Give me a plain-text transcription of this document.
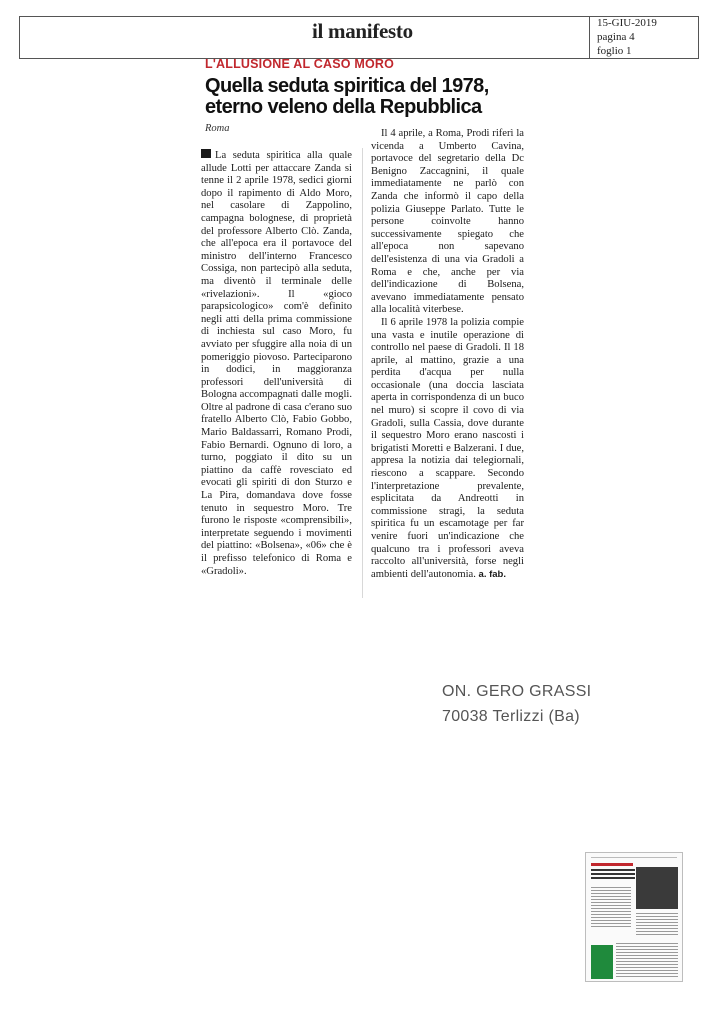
il manifesto	15-GIU-2019
pagina 4
foglio 1
L'ALLUSIONE AL CASO MORO
Quella seduta spiritica del 1978,
eterno veleno della Repubblica
Roma

La seduta spiritica alla quale allude Lotti per attaccare Zanda si tenne il 2 aprile 1978, sedici giorni dopo il rapimento di Aldo Moro, nel casolare di Zappolino, campagna bolognese, di proprietà del professore Alberto Clò. Zanda, che all'epoca era il portavoce del ministro dell'interno Francesco Cossiga, non partecipò alla seduta, ma diventò il terminale delle «rivelazioni». Il «gioco parapsicologico» com'è definito negli atti della prima commissione di inchiesta sul caso Moro, fu avviato per sfuggire alla noia di un pomeriggio piovoso. Parteciparono in dodici, in maggioranza professori dell'università di Bologna accompagnati dalle mogli. Oltre al padrone di casa c'erano suo fratello Alberto Clò, Fabio Gobbo, Mario Baldassarri, Romano Prodi, Fabio Bernardi. Ognuno di loro, a turno, poggiato il dito su un piattino da caffè rovesciato ed evocati gli spiriti di don Sturzo e La Pira, domandava dove fosse tenuto in sequestro Moro. Tre furono le risposte «comprensibili», interpretate seguendo i movimenti del piattino: «Bolsena», «06» che è il prefisso telefonico di Roma e «Gradoli».

Il 4 aprile, a Roma, Prodi riferì la vicenda a Umberto Cavina, portavoce del segretario della Dc Benigno Zaccagnini, il quale immediatamente ne parlò con Zanda che informò il capo della polizia Giuseppe Parlato. Tutte le persone coinvolte hanno successivamente spiegato che all'epoca non sapevano dell'esistenza di una via Gradoli a Roma e che, anche per via dell'indicazione di Bolsena, avevano immediatamente pensato alla località viterbese.

Il 6 aprile 1978 la polizia compie una vasta e inutile operazione di controllo nel paese di Gradoli. Il 18 aprile, al mattino, grazie a una perdita d'acqua per nulla occasionale (una doccia lasciata aperta in corrispondenza di un buco nel muro) si scopre il covo di via Gradoli, sulla Cassia, dove durante il sequestro Moro erano nascosti i brigatisti Moretti e Balzerani. I due, appresa la notizia dai telegiornali, riescono a scappare. Secondo l'interpretazione prevalente, esplicitata da Andreotti in commissione stragi, la seduta spiritica fu un escamotage per far venire fuori un'indicazione che qualcuno tra i professori aveva raccolto all'università, forse negli ambienti dell'autonomia. a. fab.

ON. GERO GRASSI
70038 Terlizzi (Ba)
